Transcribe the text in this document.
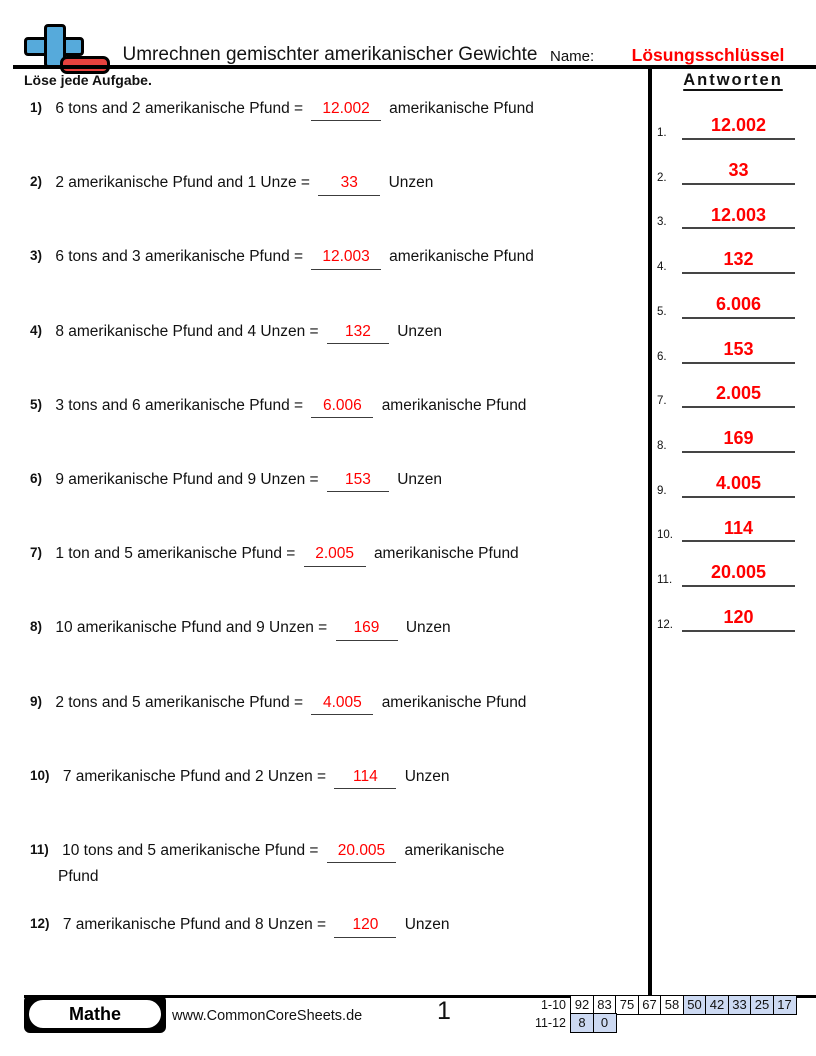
Umrechnen gemischter amerikanischer Gewichte Name:	Lösungsschlüssel
Löse jede Aufgabe.
1) 6 tons and 2 amerikanische Pfund = 12.002 amerikanische Pfund
2) 2 amerikanische Pfund and 1 Unze = 33 Unzen
3) 6 tons and 3 amerikanische Pfund = 12.003 amerikanische Pfund
4) 8 amerikanische Pfund and 4 Unzen = 132 Unzen
5) 3 tons and 6 amerikanische Pfund = 6.006 amerikanische Pfund
6) 9 amerikanische Pfund and 9 Unzen = 153 Unzen
7) 1 ton and 5 amerikanische Pfund = 2.005 amerikanische Pfund
8) 10 amerikanische Pfund and 9 Unzen = 169 Unzen
9) 2 tons and 5 amerikanische Pfund = 4.005 amerikanische Pfund
10) 7 amerikanische Pfund and 2 Unzen = 114 Unzen
11) 10 tons and 5 amerikanische Pfund = 20.005 amerikanische
Pfund
12) 7 amerikanische Pfund and 8 Unzen = 120 Unzen
Antworten
1.	12.002
2.	33
3.	12.003
4.	132
5.	6.006
6.	153
7.	2.005
8.	169
9.	4.005
10.	114
11.	20.005
12.	120
Mathe	www.CommonCoreSheets.de	1	1-10 92 83 75 67 58 50 42 33 25 17
11-12 8	0
